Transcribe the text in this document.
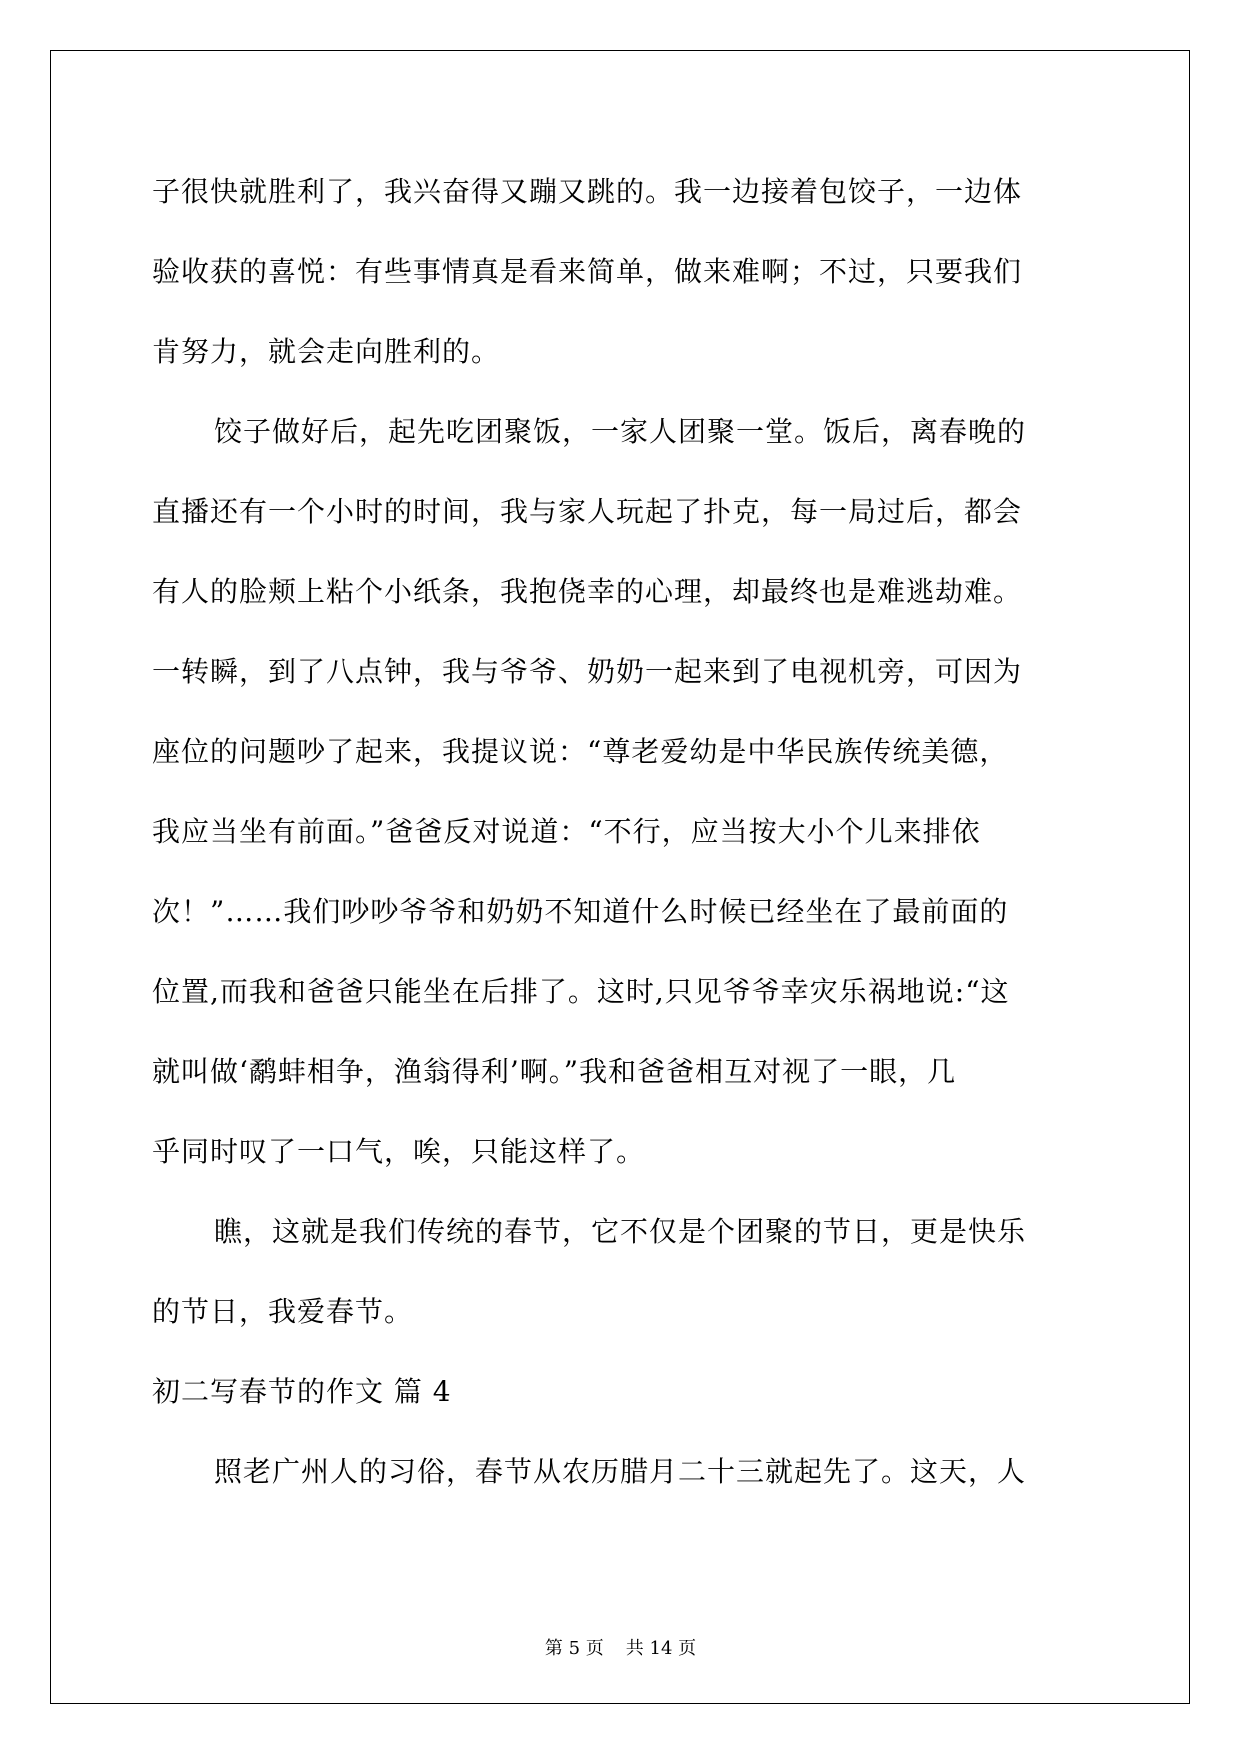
子很快就胜利了，我兴奋得又蹦又跳的。我一边接着包饺子，一边体
验收获的喜悦：有些事情真是看来简单，做来难啊；不过，只要我们
肯努力，就会走向胜利的。
饺子做好后，起先吃团聚饭，一家人团聚一堂。饭后，离春晚的
直播还有一个小时的时间，我与家人玩起了扑克，每一局过后，都会
有人的脸颊上粘个小纸条，我抱侥幸的心理，却最终也是难逃劫难。
一转瞬，到了八点钟，我与爷爷、奶奶一起来到了电视机旁，可因为
座位的问题吵了起来，我提议说：“尊老爱幼是中华民族传统美德，
我应当坐有前面。”爸爸反对说道：“不行，应当按大小个儿来排依
次！”……我们吵吵爷爷和奶奶不知道什么时候已经坐在了最前面的
位置,而我和爸爸只能坐在后排了。这时,只见爷爷幸灾乐祸地说:“这
就叫做‘鹬蚌相争，渔翁得利’啊。”我和爸爸相互对视了一眼，几
乎同时叹了一口气，唉，只能这样了。
瞧，这就是我们传统的春节，它不仅是个团聚的节日，更是快乐
的节日，我爱春节。
初二写春节的作文 篇 4
照老广州人的习俗，春节从农历腊月二十三就起先了。这天，人
第 5 页 共 14 页
